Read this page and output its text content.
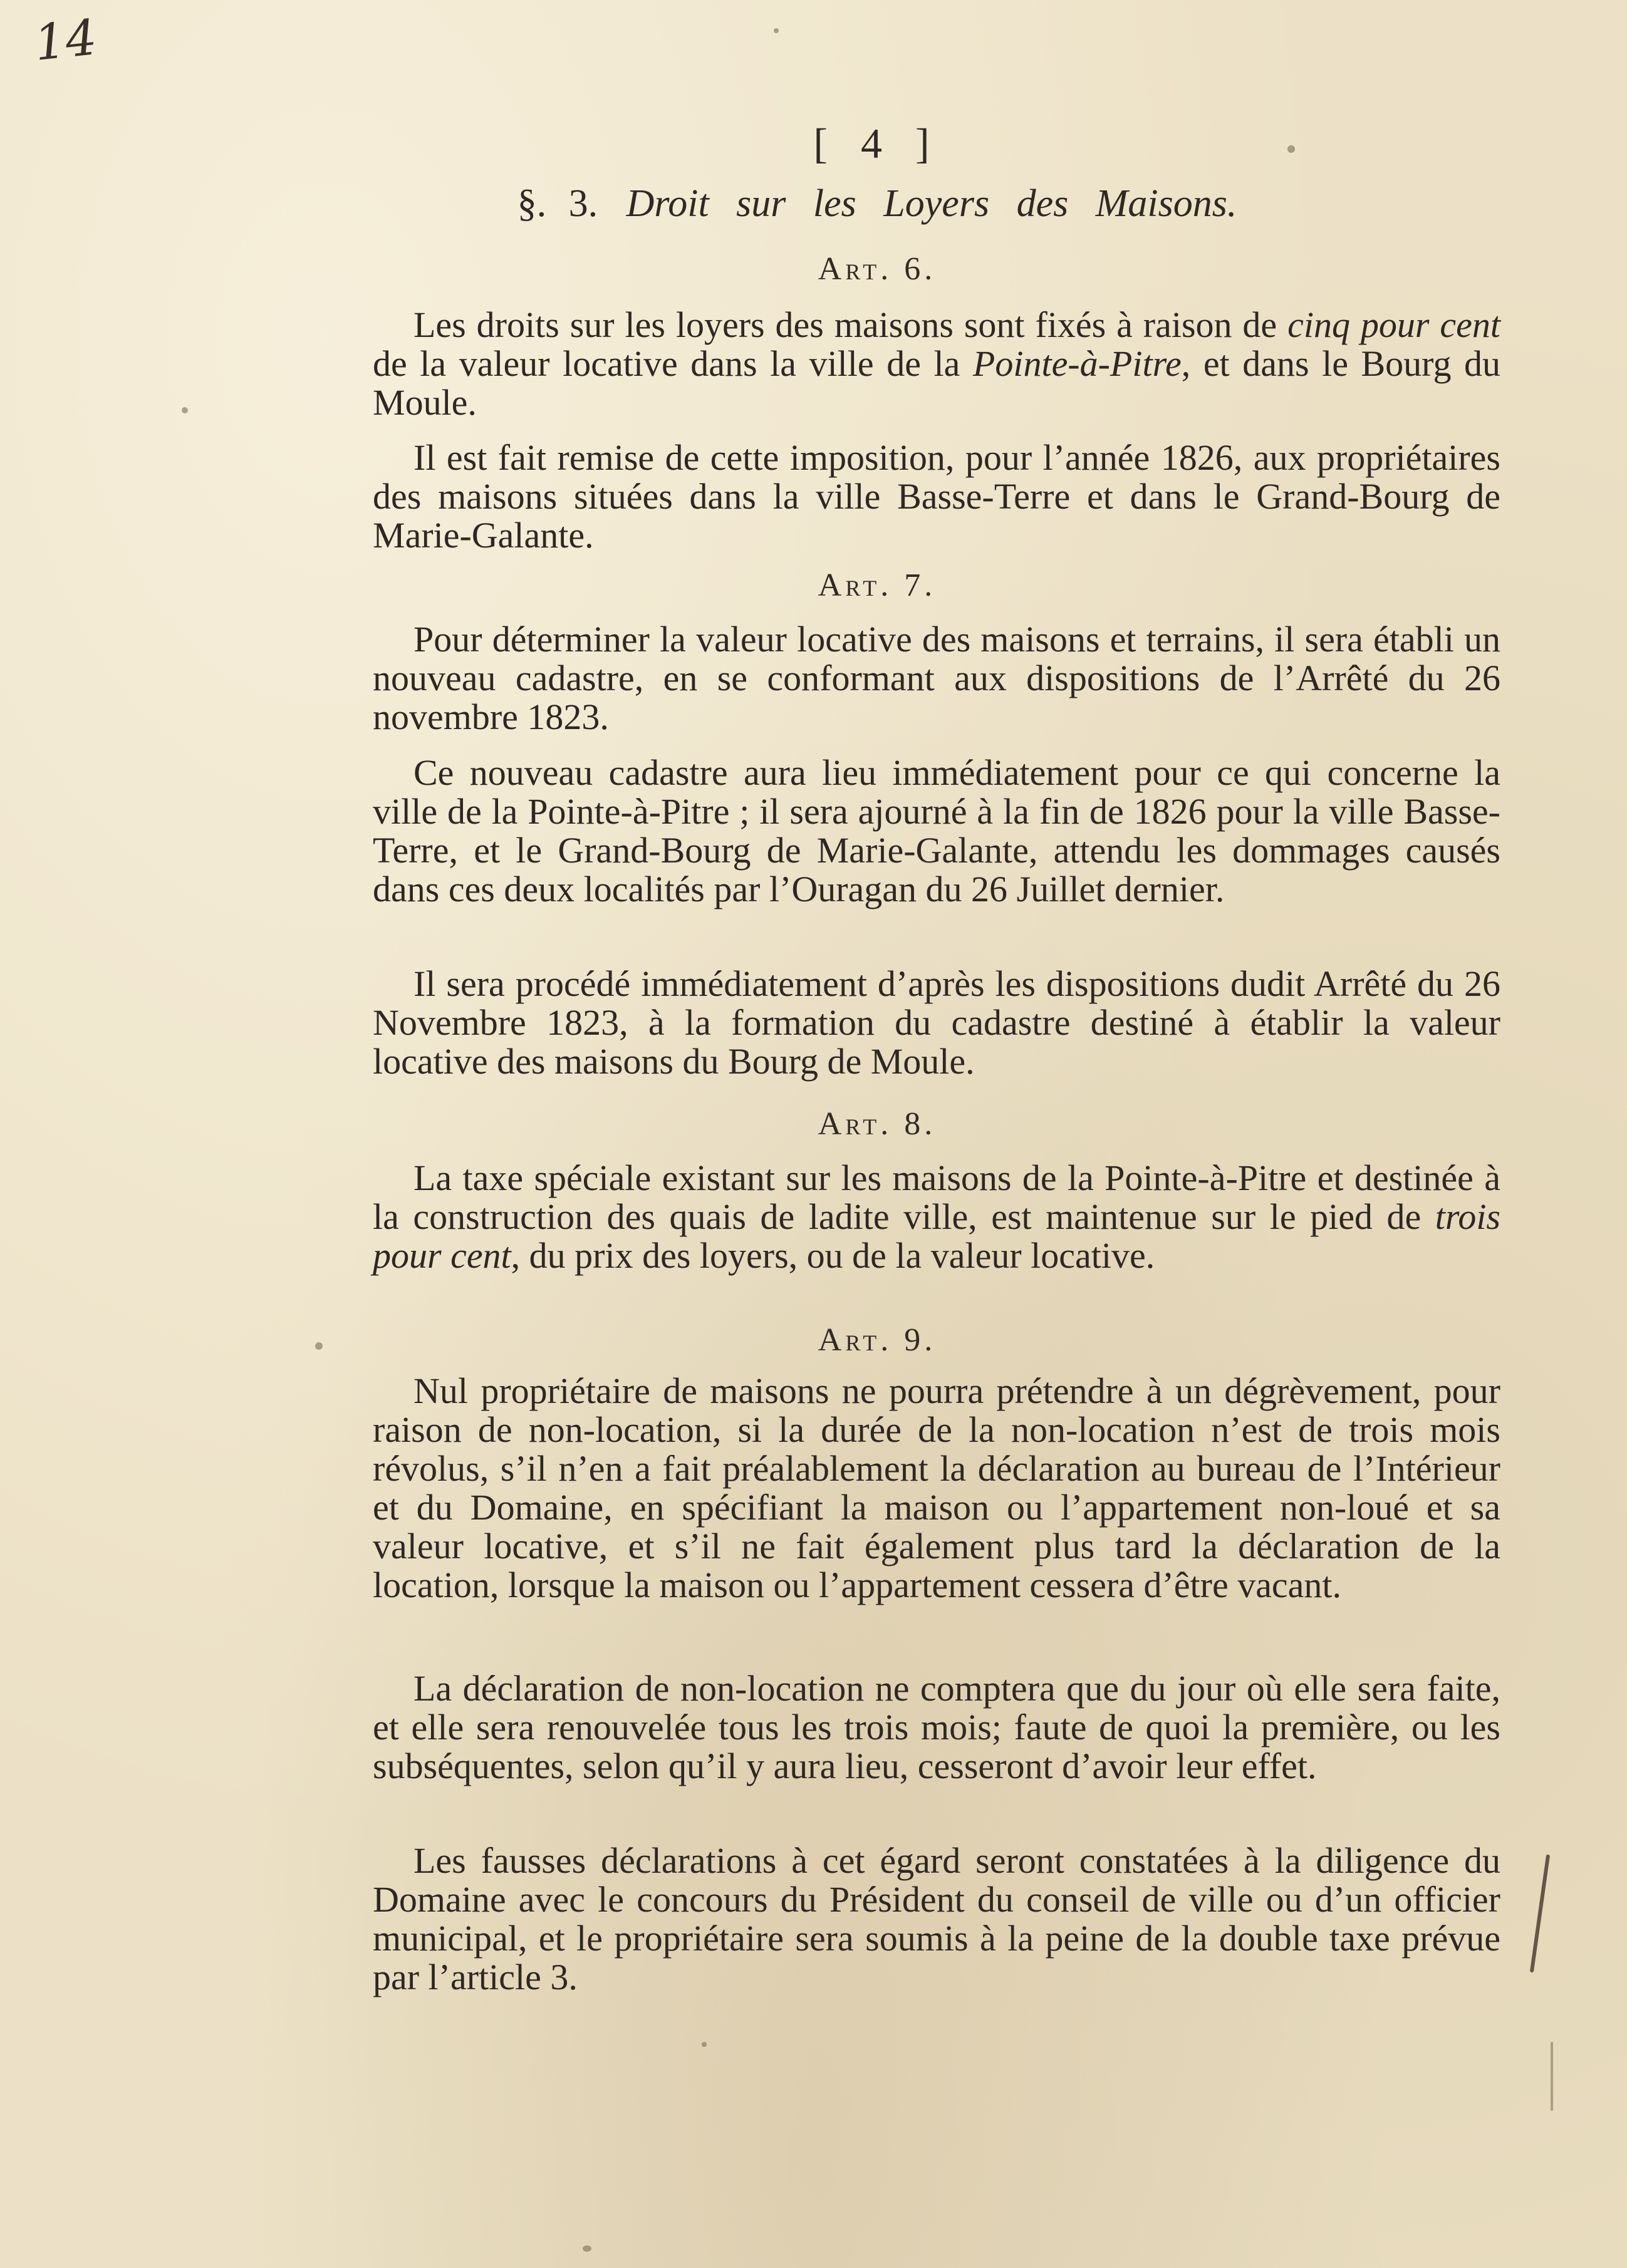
14
[ 4 ]
§. 3. Droit sur les Loyers des Maisons.
Art. 6.
Les droits sur les loyers des maisons sont fixés à raison de cinq pour cent de la valeur locative dans la ville de la Pointe-à-Pitre, et dans le Bourg du Moule.
Il est fait remise de cette imposition, pour l’année 1826, aux propriétaires des maisons situées dans la ville Basse-Terre et dans le Grand-Bourg de Marie-Galante.
Art. 7.
Pour déterminer la valeur locative des maisons et terrains, il sera établi un nouveau cadastre, en se conformant aux dispositions de l’Arrêté du 26 novembre 1823.
Ce nouveau cadastre aura lieu immédiatement pour ce qui concerne la ville de la Pointe-à-Pitre ; il sera ajourné à la fin de 1826 pour la ville Basse-Terre, et le Grand-Bourg de Marie-Galante, attendu les dommages causés dans ces deux localités par l’Ouragan du 26 Juillet dernier.
Il sera procédé immédiatement d’après les dispositions dudit Arrêté du 26 Novembre 1823, à la formation du cadastre destiné à établir la valeur locative des maisons du Bourg de Moule.
Art. 8.
La taxe spéciale existant sur les maisons de la Pointe-à-Pitre et destinée à la construction des quais de ladite ville, est maintenue sur le pied de trois pour cent, du prix des loyers, ou de la valeur locative.
Art. 9.
Nul propriétaire de maisons ne pourra prétendre à un dégrèvement, pour raison de non-location, si la durée de la non-location n’est de trois mois révolus, s’il n’en a fait préalablement la déclaration au bureau de l’Intérieur et du Domaine, en spécifiant la maison ou l’appartement non-loué et sa valeur locative, et s’il ne fait également plus tard la déclaration de la location, lorsque la maison ou l’appartement cessera d’être vacant.
La déclaration de non-location ne comptera que du jour où elle sera faite, et elle sera renouvelée tous les trois mois; faute de quoi la première, ou les subséquentes, selon qu’il y aura lieu, cesseront d’avoir leur effet.
Les fausses déclarations à cet égard seront constatées à la diligence du Domaine avec le concours du Président du conseil de ville ou d’un officier municipal, et le propriétaire sera soumis à la peine de la double taxe prévue par l’article 3.
